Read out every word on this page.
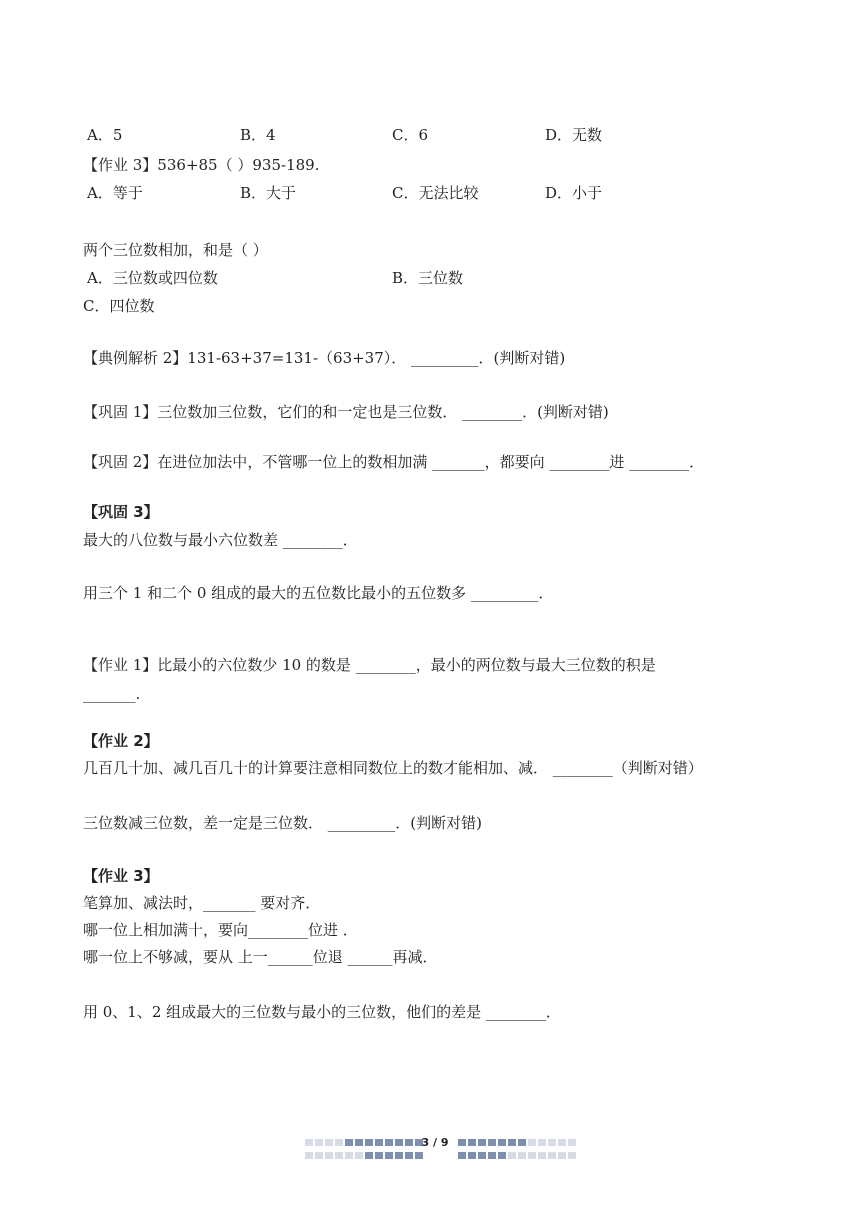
A．5	B．4	C．6	D．无数
【作业 3】536+85（ ）935-189.
A．等于	B．大于	C．无法比较	D．小于
两个三位数相加，和是（ ）
A．三位数或四位数	B．三位数
C．四位数
【典例解析 2】131-63+37=131-（63+37）． _________．(判断对错)
【巩固 1】三位数加三位数，它们的和一定也是三位数． ________．(判断对错)
【巩固 2】在进位加法中，不管哪一位上的数相加满 _______，都要向 ________进 ________．
【巩固 3】
最大的八位数与最小六位数差 ________．
用三个 1 和二个 0 组成的最大的五位数比最小的五位数多 _________．
【作业 1】比最小的六位数少 10 的数是 ________，最小的两位数与最大三位数的积是
_______.
【作业 2】
几百几十加、减几百几十的计算要注意相同数位上的数才能相加、减． ________（判断对错）
三位数减三位数，差一定是三位数． _________．(判断对错)
【作业 3】
笔算加、减法时，_______ 要对齐．
哪一位上相加满十，要向________位进 ．
哪一位上不够减，要从 上一______位退 ______再减．
用 0、1、2 组成最大的三位数与最小的三位数，他们的差是 ________．
3 / 9
